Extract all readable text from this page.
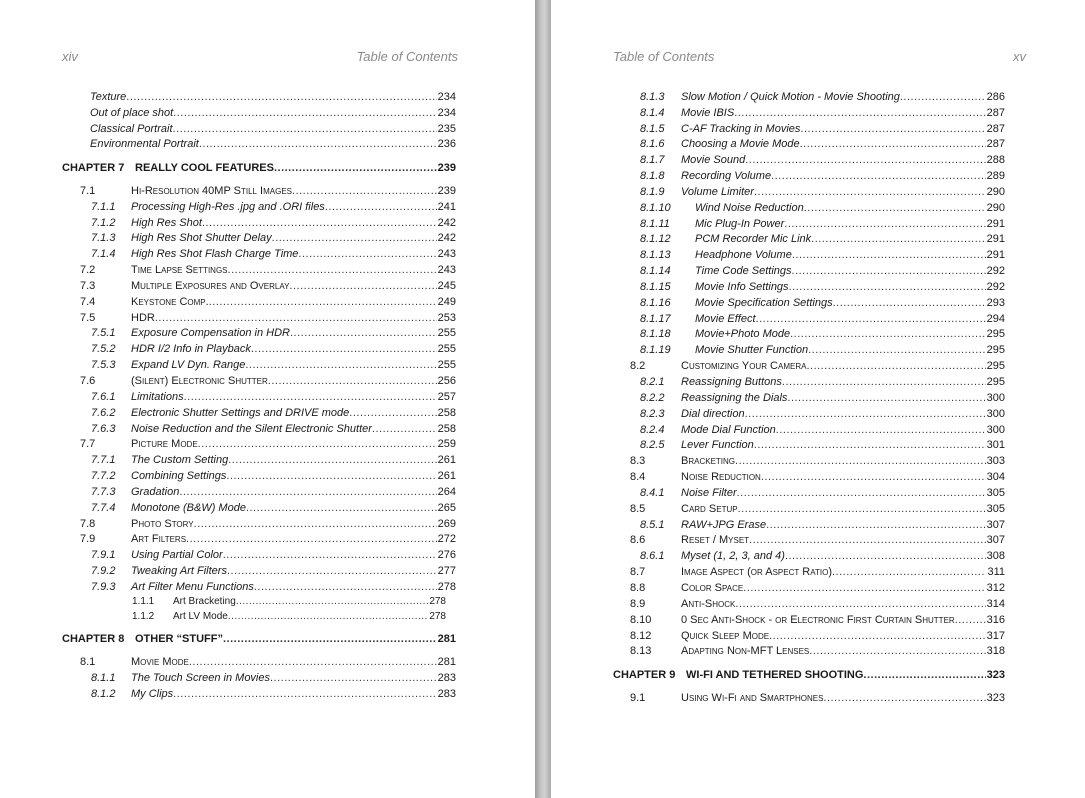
xiv	Table of Contents
Texture .....	234
Out of place shot .....	234
Classical Portrait .....	235
Environmental Portrait .....	236
CHAPTER 7 REALLY COOL FEATURES .....	239
7.1	Hi-Resolution 40MP Still Images .....	239
7.1.1	Processing High-Res .jpg and .ORI files .....	241
7.1.2	High Res Shot .....	242
7.1.3	High Res Shot Shutter Delay .....	242
7.1.4	High Res Shot Flash Charge Time .....	243
7.2	Time Lapse Settings .....	243
7.3	Multiple Exposures and Overlay .....	245
7.4	Keystone Comp. .....	249
7.5	HDR .....	253
7.5.1	Exposure Compensation in HDR .....	255
7.5.2	HDR I/2 Info in Playback .....	255
7.5.3	Expand LV Dyn. Range .....	255
7.6	(Silent) Electronic Shutter .....	256
7.6.1	Limitations .....	257
7.6.2	Electronic Shutter Settings and DRIVE mode .....	258
7.6.3	Noise Reduction and the Silent Electronic Shutter .....	258
7.7	Picture Mode .....	259
7.7.1	The Custom Setting .....	261
7.7.2	Combining Settings .....	261
7.7.3	Gradation .....	264
7.7.4	Monotone (B&W) Mode .....	265
7.8	Photo Story .....	269
7.9	Art Filters .....	272
7.9.1	Using Partial Color .....	276
7.9.2	Tweaking Art Filters .....	277
7.9.3	Art Filter Menu Functions .....	278
1.1.1	Art Bracketing .....	278
1.1.2	Art LV Mode .....	278
CHAPTER 8 OTHER “STUFF” .....	281
8.1	Movie Mode .....	281
8.1.1	The Touch Screen in Movies .....	283
8.1.2	My Clips .....	283
Table of Contents	xv
8.1.3	Slow Motion / Quick Motion - Movie Shooting .....	286
8.1.4	Movie IBIS .....	287
8.1.5	C-AF Tracking in Movies .....	287
8.1.6	Choosing a Movie Mode .....	287
8.1.7	Movie Sound .....	288
8.1.8	Recording Volume .....	289
8.1.9	Volume Limiter .....	290
8.1.10	Wind Noise Reduction .....	290
8.1.11	Mic Plug-In Power .....	291
8.1.12	PCM Recorder Mic Link .....	291
8.1.13	Headphone Volume .....	291
8.1.14	Time Code Settings .....	292
8.1.15	Movie Info Settings .....	292
8.1.16	Movie Specification Settings .....	293
8.1.17	Movie Effect .....	294
8.1.18	Movie+Photo Mode .....	295
8.1.19	Movie Shutter Function .....	295
8.2	Customizing Your Camera .....	295
8.2.1	Reassigning Buttons .....	295
8.2.2	Reassigning the Dials .....	300
8.2.3	Dial direction .....	300
8.2.4	Mode Dial Function .....	300
8.2.5	Lever Function .....	301
8.3	Bracketing .....	303
8.4	Noise Reduction .....	304
8.4.1	Noise Filter .....	305
8.5	Card Setup .....	305
8.5.1	RAW+JPG Erase .....	307
8.6	Reset / Myset .....	307
8.6.1	Myset (1, 2, 3, and 4) .....	308
8.7	Image Aspect (or Aspect Ratio) .....	311
8.8	Color Space .....	312
8.9	Anti-Shock .....	314
8.10	0 Sec Anti-Shock - or Electronic First Curtain Shutter .....	316
8.12	Quick Sleep Mode .....	317
8.13	Adapting Non-MFT Lenses .....	318
CHAPTER 9 WI-FI AND TETHERED SHOOTING .....	323
9.1	Using Wi-Fi and Smartphones .....	323
